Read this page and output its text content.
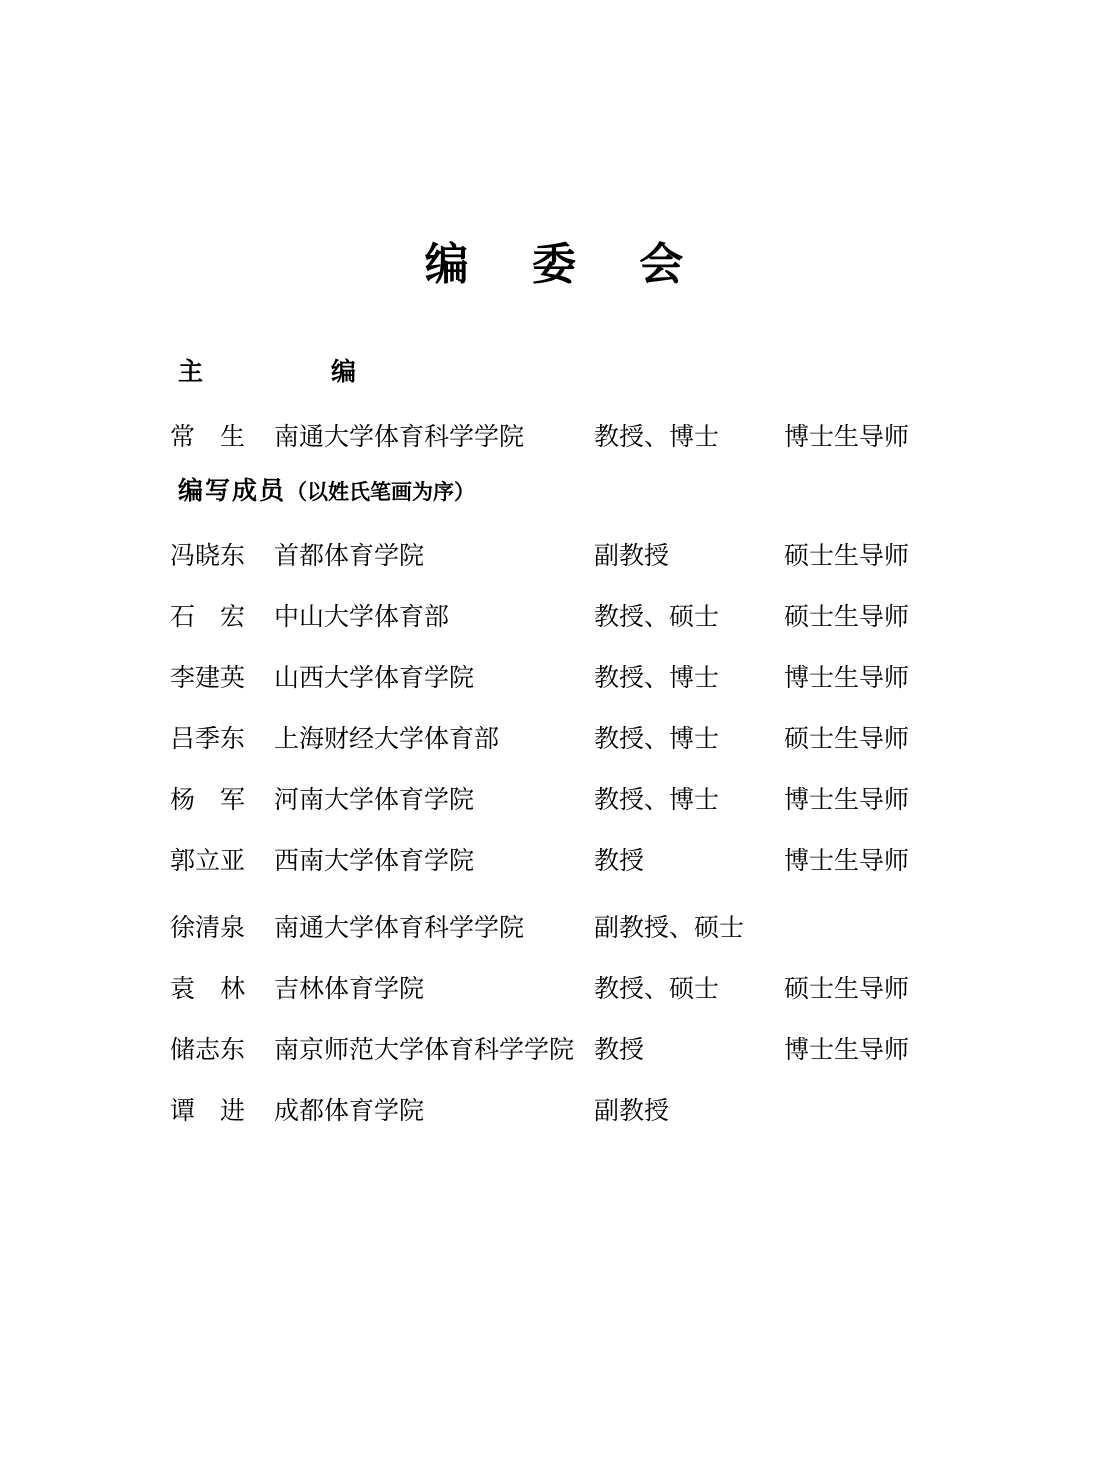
编 委 会
主　　编
常　生	南通大学体育科学学院	教授、博士	博士生导师
编写成员（以姓氏笔画为序）
冯晓东	首都体育学院	副教授	硕士生导师
石　宏	中山大学体育部	教授、硕士	硕士生导师
李建英	山西大学体育学院	教授、博士	博士生导师
吕季东	上海财经大学体育部	教授、博士	硕士生导师
杨　军	河南大学体育学院	教授、博士	博士生导师
郭立亚	西南大学体育学院	教授	博士生导师
徐清泉	南通大学体育科学学院	副教授、硕士
袁　林	吉林体育学院	教授、硕士	硕士生导师
储志东	南京师范大学体育科学学院 教授	博士生导师
谭　进	成都体育学院	副教授
